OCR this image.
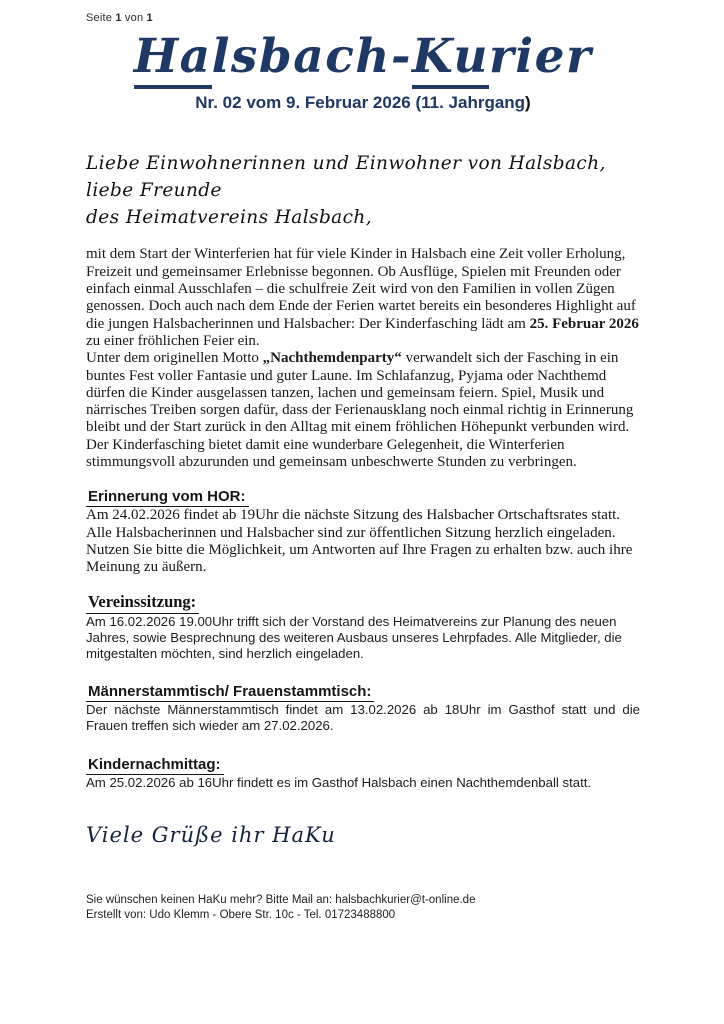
Seite 1 von 1
Halsbach-Kurier
Nr. 02 vom 9. Februar 2026 (11. Jahrgang)
Liebe Einwohnerinnen und Einwohner von Halsbach, liebe Freunde
des Heimatvereins Halsbach,

mit dem Start der Winterferien hat für viele Kinder in Halsbach eine Zeit voller Erholung, Freizeit und gemeinsamer Erlebnisse begonnen. Ob Ausflüge, Spielen mit Freunden oder einfach einmal Ausschlafen – die schulfreie Zeit wird von den Familien in vollen Zügen genossen. Doch auch nach dem Ende der Ferien wartet bereits ein besonderes Highlight auf die jungen Halsbacherinnen und Halsbacher: Der Kinderfasching lädt am 25. Februar 2026 zu einer fröhlichen Feier ein.

Unter dem originellen Motto „Nachthemdenparty“ verwandelt sich der Fasching in ein buntes Fest voller Fantasie und guter Laune. Im Schlafanzug, Pyjama oder Nachthemd dürfen die Kinder ausgelassen tanzen, lachen und gemeinsam feiern. Spiel, Musik und närrisches Treiben sorgen dafür, dass der Ferienausklang noch einmal richtig in Erinnerung bleibt und der Start zurück in den Alltag mit einem fröhlichen Höhepunkt verbunden wird. Der Kinderfasching bietet damit eine wunderbare Gelegenheit, die Winterferien stimmungsvoll abzurunden und gemeinsam unbeschwerte Stunden zu verbringen.

Erinnerung vom HOR:

Am 24.02.2026 findet ab 19Uhr die nächste Sitzung des Halsbacher Ortschaftsrates statt. Alle Halsbacherinnen und Halsbacher sind zur öffentlichen Sitzung herzlich eingeladen. Nutzen Sie bitte die Möglichkeit, um Antworten auf Ihre Fragen zu erhalten bzw. auch ihre Meinung zu äußern.

Vereinssitzung:

Am 16.02.2026 19.00Uhr trifft sich der Vorstand des Heimatvereins zur Planung des neuen Jahres, sowie Besprechnung des weiteren Ausbaus unseres Lehrpfades. Alle Mitglieder, die mitgestalten möchten, sind herzlich eingeladen.

Männerstammtisch/ Frauenstammtisch:

Der nächste Männerstammtisch findet am 13.02.2026 ab 18Uhr im Gasthof statt und die Frauen treffen sich wieder am 27.02.2026.

Kindernachmittag:

Am 25.02.2026 ab 16Uhr findett es im Gasthof Halsbach einen Nachthemdenball statt.

Viele Grüße ihr HaKu

Sie wünschen keinen HaKu mehr? Bitte Mail an: halsbachkurier@t-online.de

Erstellt von: Udo Klemm - Obere Str. 10c - Tel. 01723488800
